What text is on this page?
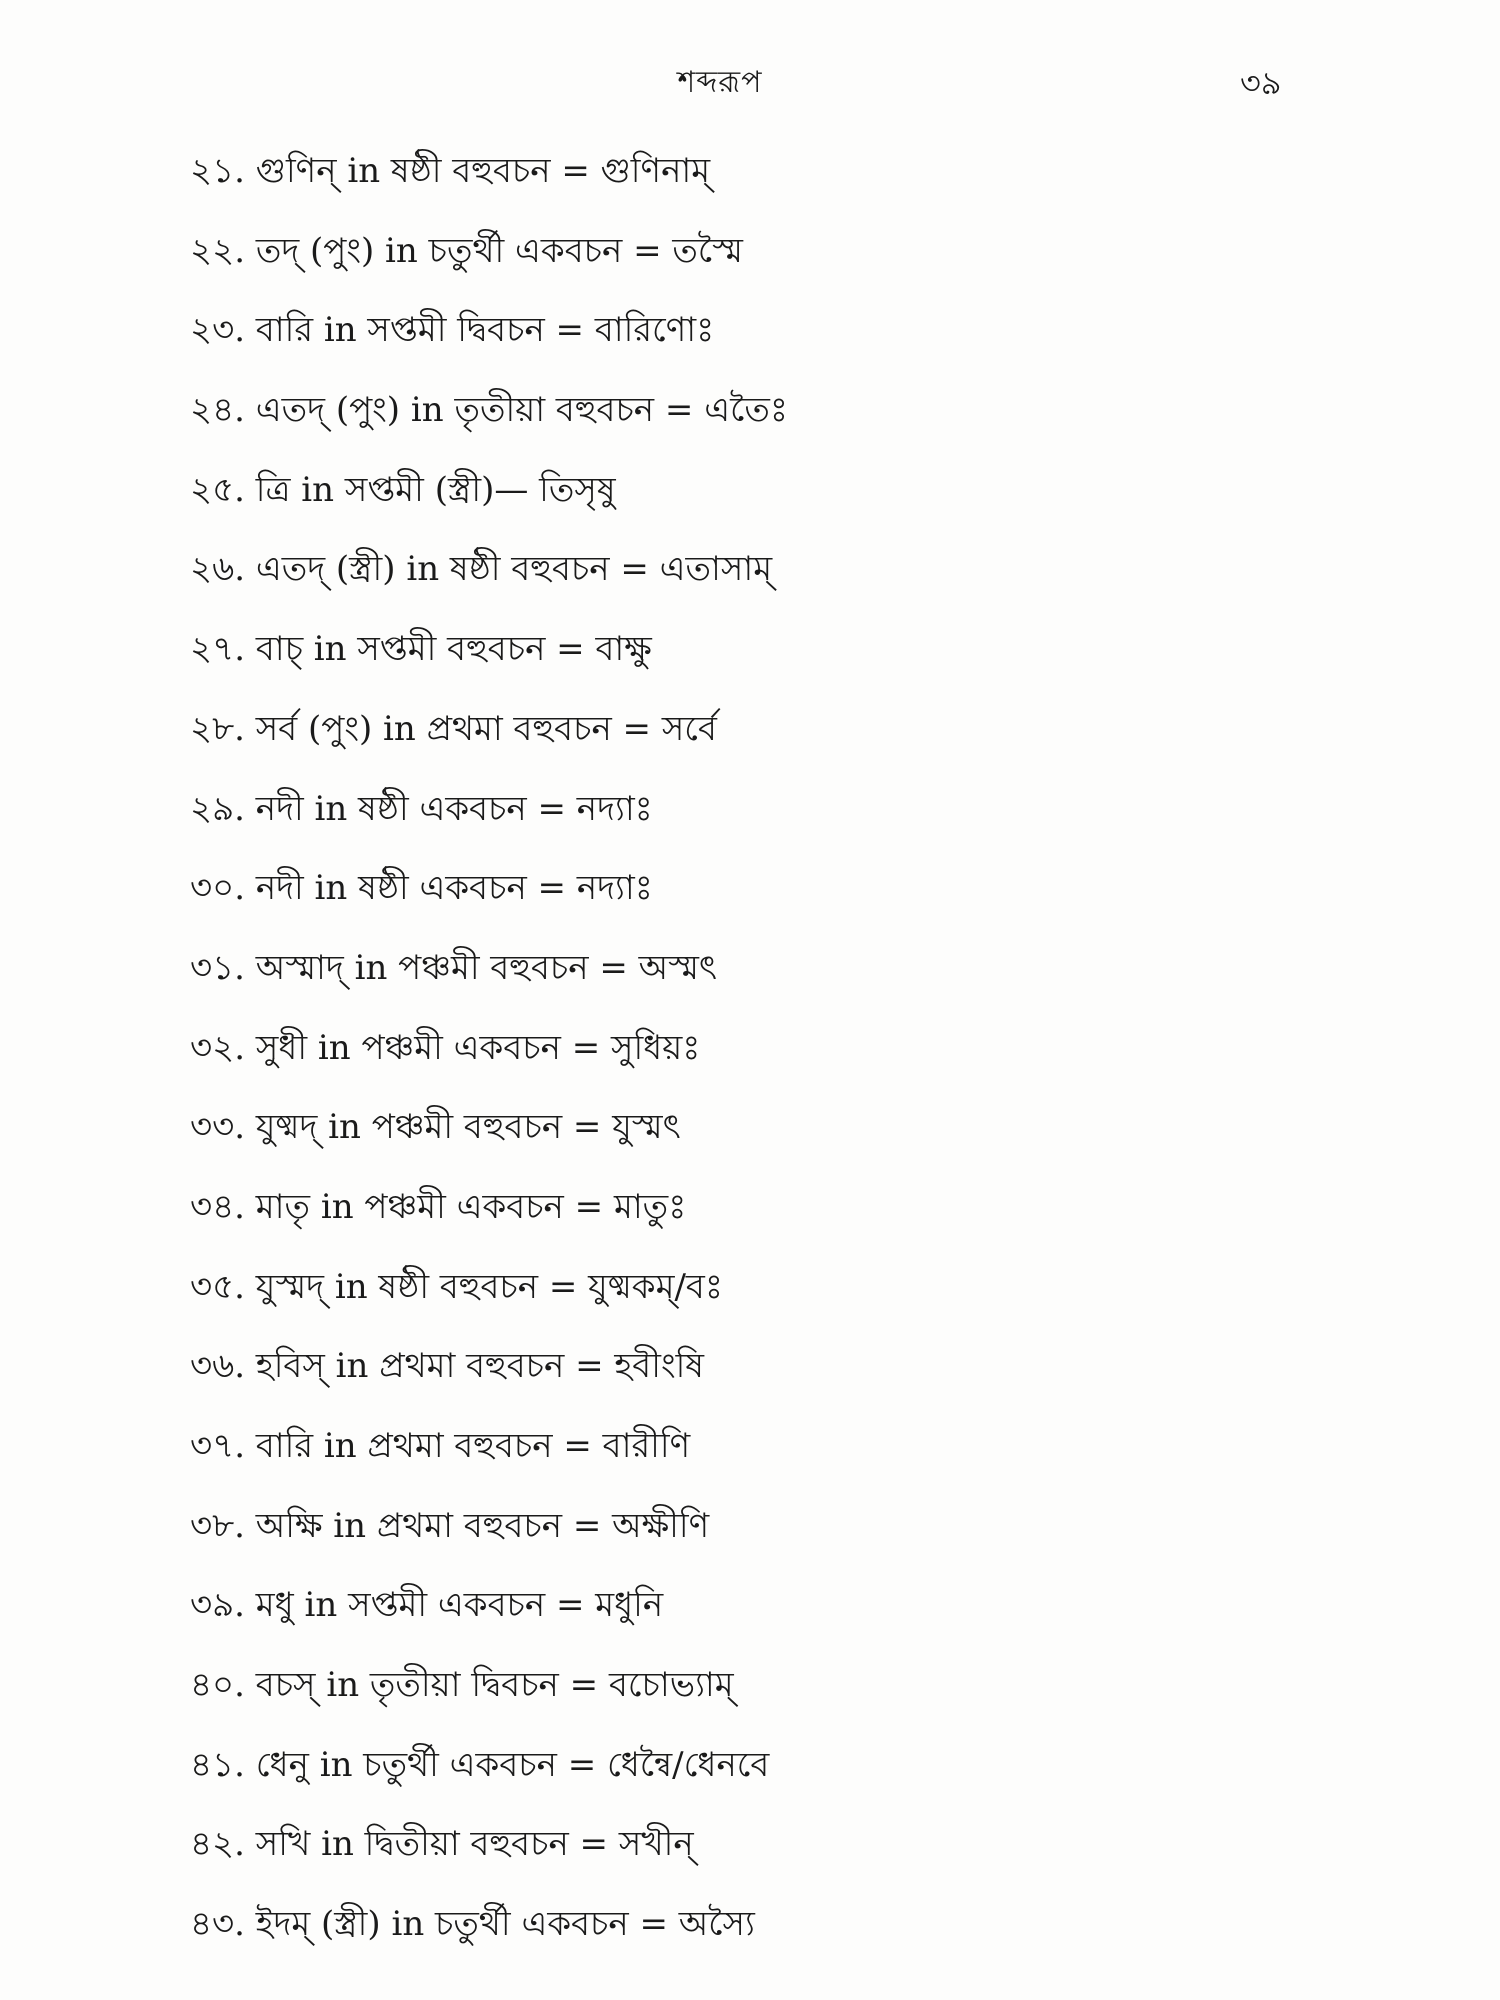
শব্দরূপ	৩৯
২১. গুণিন্ in ষষ্ঠী বহুবচন = গুণিনাম্
২২. তদ্ (পুং) in চতুর্থী একবচন = তস্মৈ
২৩. বারি in সপ্তমী দ্বিবচন = বারিণোঃ
২৪. এতদ্ (পুং) in তৃতীয়া বহুবচন = এতৈঃ
২৫. ত্রি in সপ্তমী (স্ত্রী)— তিসৃষু
২৬. এতদ্ (স্ত্রী) in ষষ্ঠী বহুবচন = এতাসাম্
২৭. বাচ্ in সপ্তমী বহুবচন = বাক্ষু
২৮. সর্ব (পুং) in প্রথমা বহুবচন = সর্বে
২৯. নদী in ষষ্ঠী একবচন = নদ্যাঃ
৩০. নদী in ষষ্ঠী একবচন = নদ্যাঃ
৩১. অস্মাদ্ in পঞ্চমী বহুবচন = অস্মৎ
৩২. সুধী in পঞ্চমী একবচন = সুধিয়ঃ
৩৩. যুষ্মদ্ in পঞ্চমী বহুবচন = যুস্মৎ
৩৪. মাতৃ in পঞ্চমী একবচন = মাতুঃ
৩৫. যুস্মদ্ in ষষ্ঠী বহুবচন = যুষ্মকম্/বঃ
৩৬. হবিস্ in প্রথমা বহুবচন = হবীংষি
৩৭. বারি in প্রথমা বহুবচন = বারীণি
৩৮. অক্ষি in প্রথমা বহুবচন = অক্ষীণি
৩৯. মধু in সপ্তমী একবচন = মধুনি
৪০. বচস্ in তৃতীয়া দ্বিবচন = বচোভ্যাম্
৪১. ধেনু in চতুর্থী একবচন = ধেন্বৈ/ধেনবে
৪২. সখি in দ্বিতীয়া বহুবচন = সখীন্
৪৩. ইদম্ (স্ত্রী) in চতুর্থী একবচন = অস্যৈ
